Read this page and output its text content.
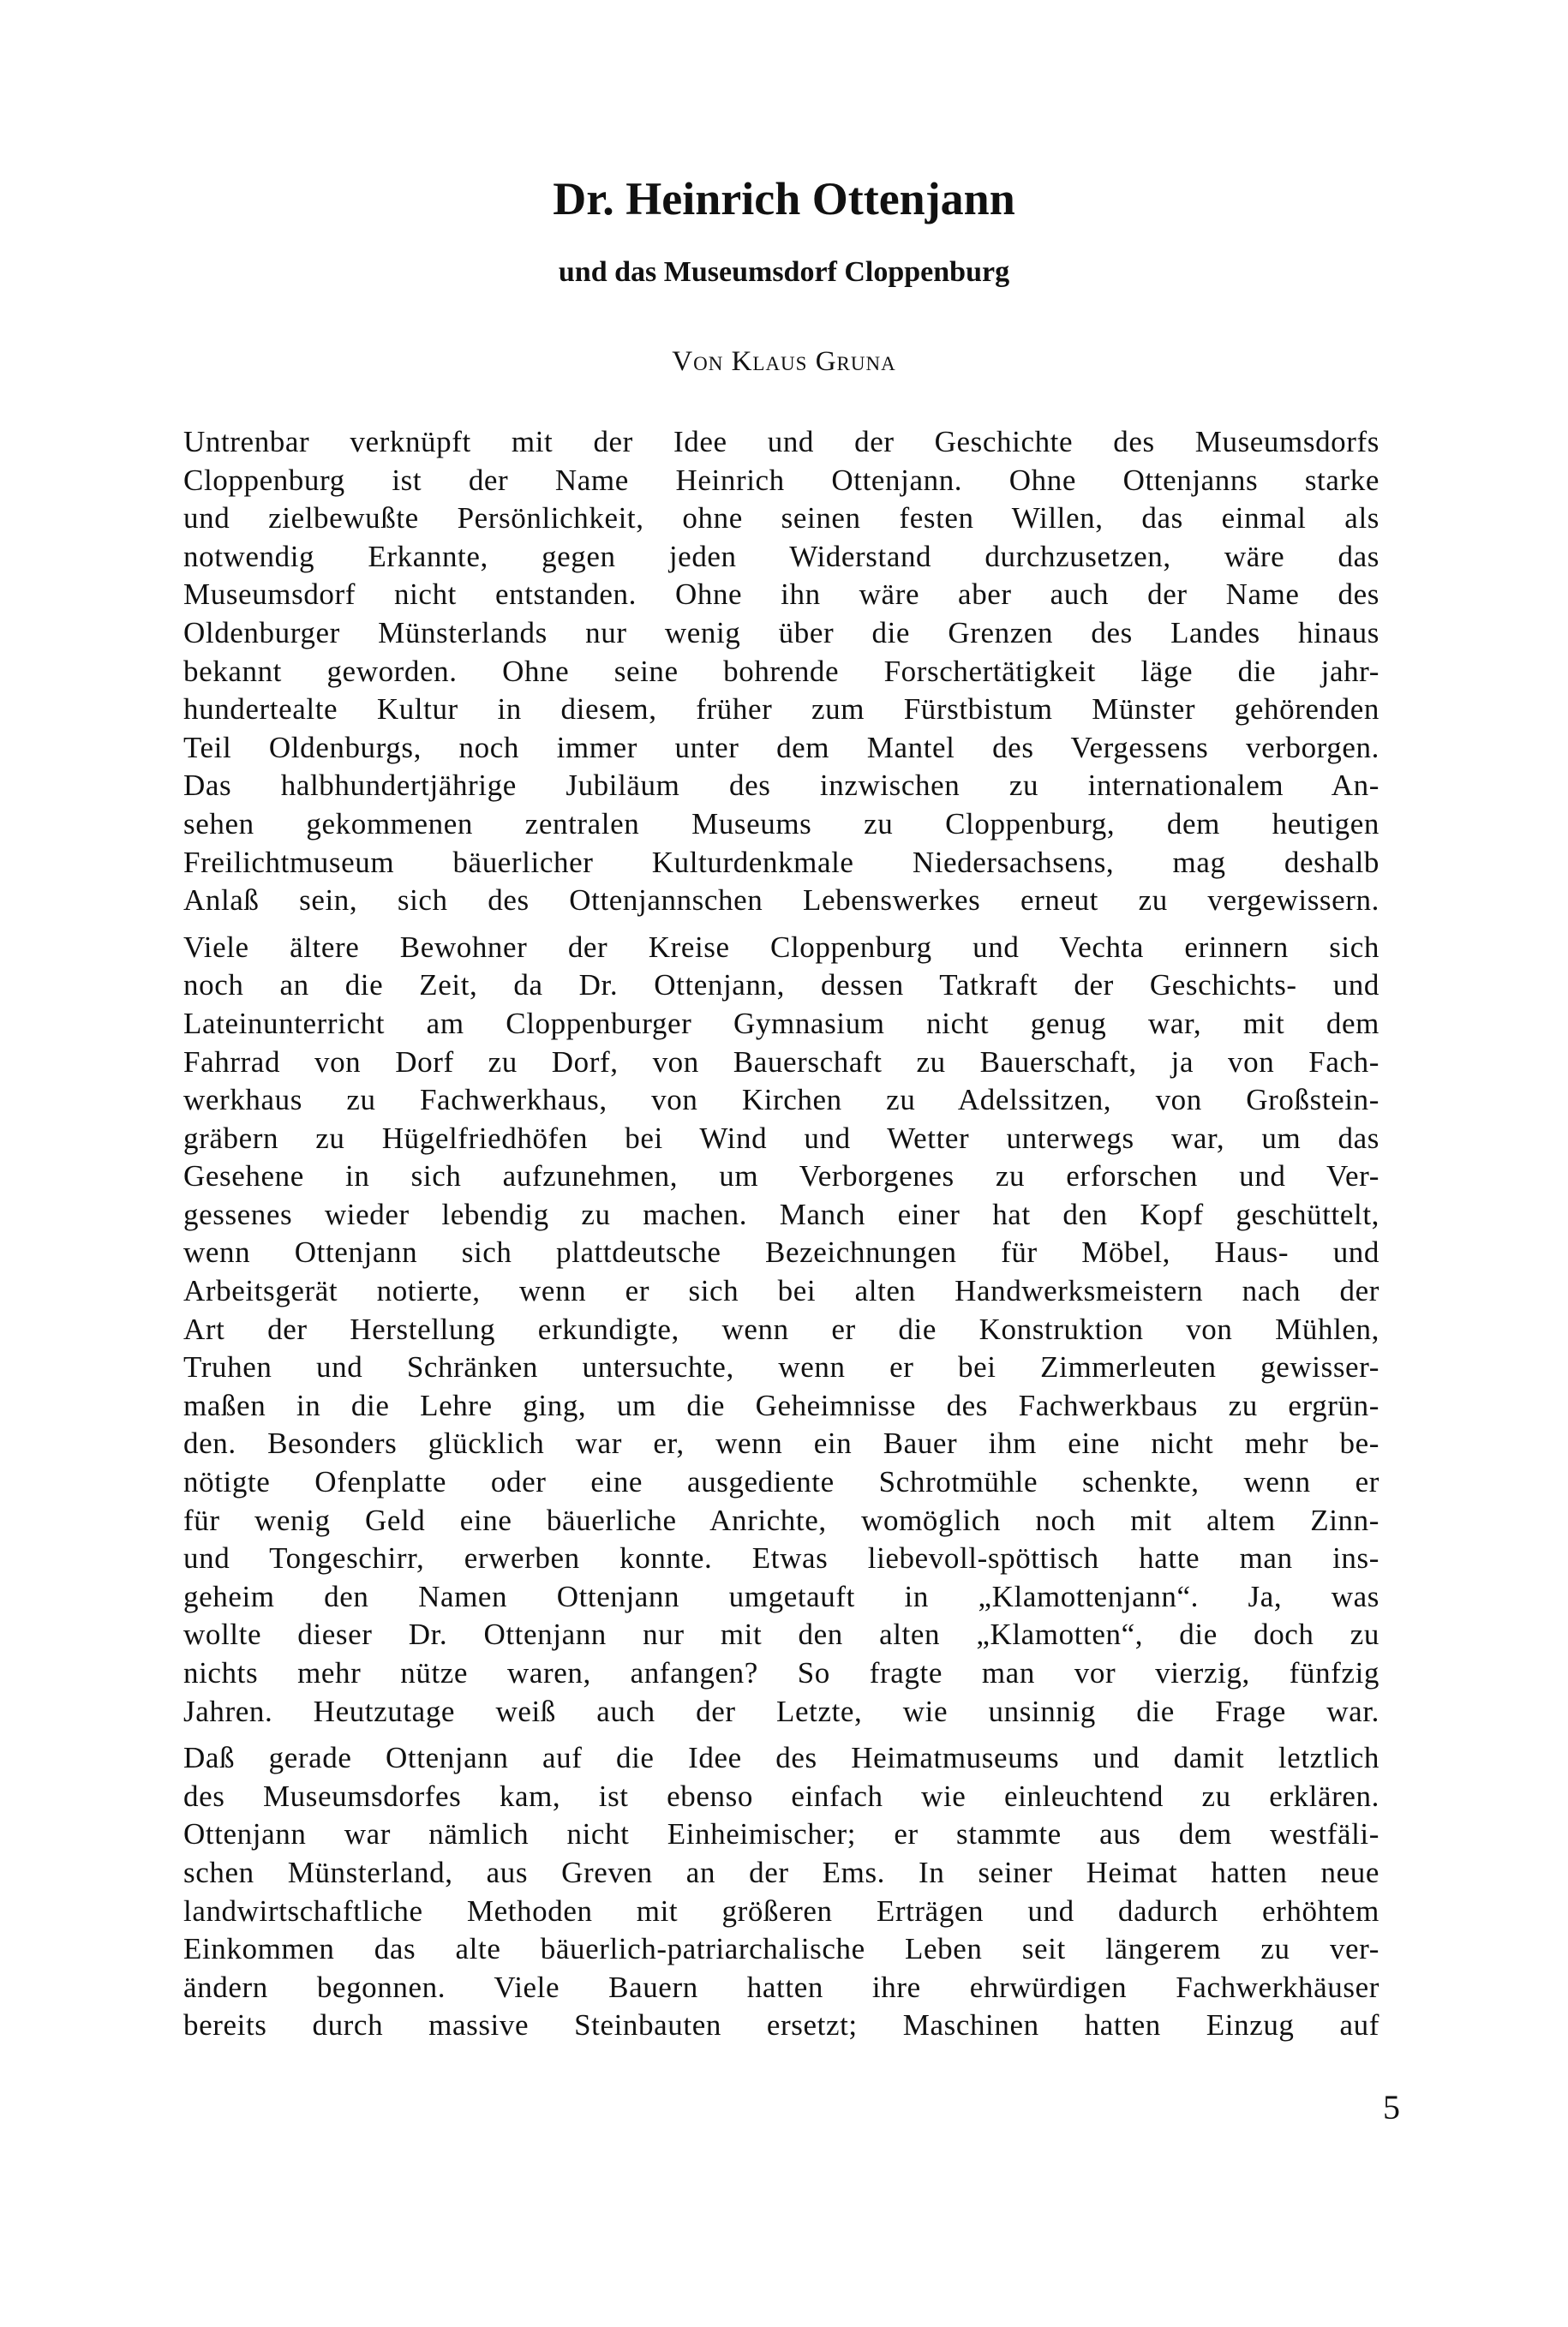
Dr. Heinrich Ottenjann
und das Museumsdorf Cloppenburg

Von Klaus Gruna

Untrenbar verknüpft mit der Idee und der Geschichte des Museumsdorfs
Cloppenburg ist der Name Heinrich Ottenjann. Ohne Ottenjanns starke
und zielbewußte Persönlichkeit, ohne seinen festen Willen, das einmal als
notwendig Erkannte, gegen jeden Widerstand durchzusetzen, wäre das
Museumsdorf nicht entstanden. Ohne ihn wäre aber auch der Name des
Oldenburger Münsterlands nur wenig über die Grenzen des Landes hinaus
bekannt geworden. Ohne seine bohrende Forschertätigkeit läge die jahr-
hundertealte Kultur in diesem, früher zum Fürstbistum Münster gehörenden
Teil Oldenburgs, noch immer unter dem Mantel des Vergessens verborgen.
Das halbhundertjährige Jubiläum des inzwischen zu internationalem An-
sehen gekommenen zentralen Museums zu Cloppenburg, dem heutigen
Freilichtmuseum bäuerlicher Kulturdenkmale Niedersachsens, mag deshalb
Anlaß sein, sich des Ottenjannschen Lebenswerkes erneut zu vergewissern.
Viele ältere Bewohner der Kreise Cloppenburg und Vechta erinnern sich
noch an die Zeit, da Dr. Ottenjann, dessen Tatkraft der Geschichts- und
Lateinunterricht am Cloppenburger Gymnasium nicht genug war, mit dem
Fahrrad von Dorf zu Dorf, von Bauerschaft zu Bauerschaft, ja von Fach-
werkhaus zu Fachwerkhaus, von Kirchen zu Adelssitzen, von Großstein-
gräbern zu Hügelfriedhöfen bei Wind und Wetter unterwegs war, um das
Gesehene in sich aufzunehmen, um Verborgenes zu erforschen und Ver-
gessenes wieder lebendig zu machen. Manch einer hat den Kopf geschüttelt,
wenn Ottenjann sich plattdeutsche Bezeichnungen für Möbel, Haus- und
Arbeitsgerät notierte, wenn er sich bei alten Handwerksmeistern nach der
Art der Herstellung erkundigte, wenn er die Konstruktion von Mühlen,
Truhen und Schränken untersuchte, wenn er bei Zimmerleuten gewisser-
maßen in die Lehre ging, um die Geheimnisse des Fachwerkbaus zu ergrün-
den. Besonders glücklich war er, wenn ein Bauer ihm eine nicht mehr be-
nötigte Ofenplatte oder eine ausgediente Schrotmühle schenkte, wenn er
für wenig Geld eine bäuerliche Anrichte, womöglich noch mit altem Zinn-
und Tongeschirr, erwerben konnte. Etwas liebevoll-spöttisch hatte man ins-
geheim den Namen Ottenjann umgetauft in „Klamottenjann“. Ja, was
wollte dieser Dr. Ottenjann nur mit den alten „Klamotten“, die doch zu
nichts mehr nütze waren, anfangen? So fragte man vor vierzig, fünfzig
Jahren. Heutzutage weiß auch der Letzte, wie unsinnig die Frage war.
Daß gerade Ottenjann auf die Idee des Heimatmuseums und damit letztlich
des Museumsdorfes kam, ist ebenso einfach wie einleuchtend zu erklären.
Ottenjann war nämlich nicht Einheimischer; er stammte aus dem westfäli-
schen Münsterland, aus Greven an der Ems. In seiner Heimat hatten neue
landwirtschaftliche Methoden mit größeren Erträgen und dadurch erhöhtem
Einkommen das alte bäuerlich-patriarchalische Leben seit längerem zu ver-
ändern begonnen. Viele Bauern hatten ihre ehrwürdigen Fachwerkhäuser
bereits durch massive Steinbauten ersetzt; Maschinen hatten Einzug auf

5
